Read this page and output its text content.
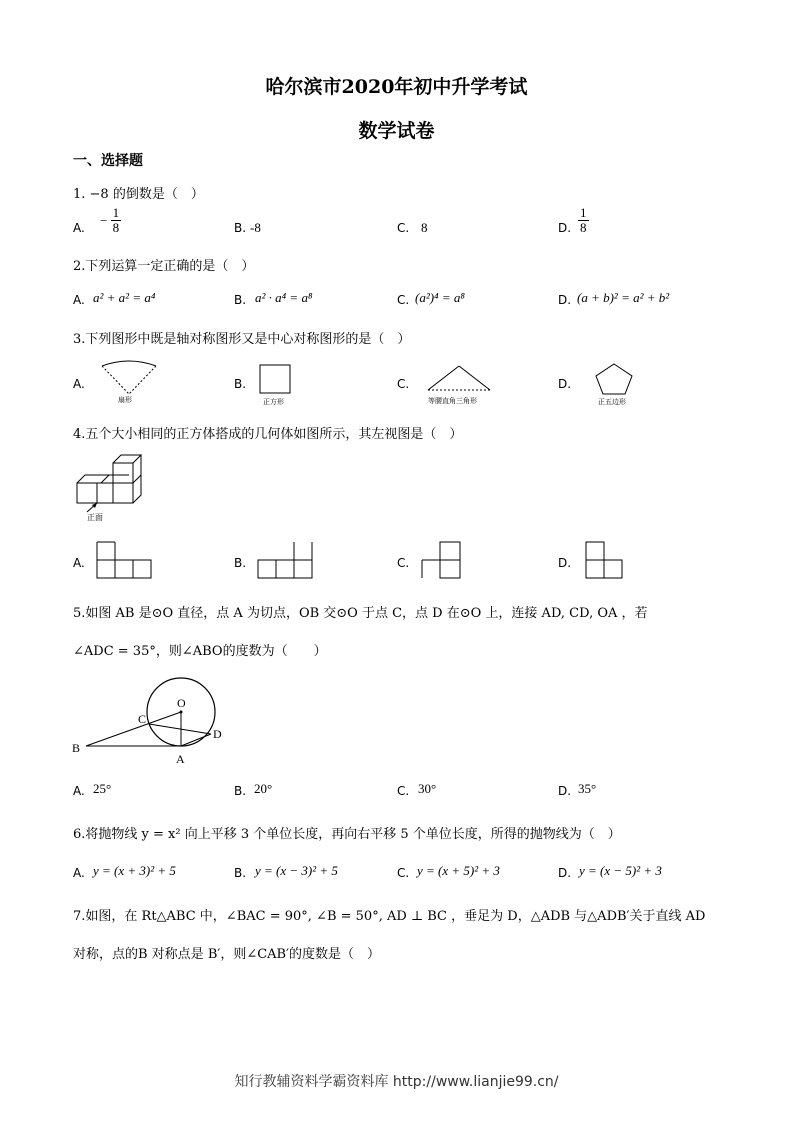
哈尔滨市2020年初中升学考试
数学试卷
一、选择题
1. −8 的倒数是（　）
A.
− $\frac{1}{8}$	B. -8	C. 8	D. $\frac{1}{8}$
2.下列运算一定正确的是（　）
A. a² + a² = a⁴	B. a² · a⁴ = a⁸	C. (a²)⁴ = a⁸	D. (a + b)² = a² + b²
3.下列图形中既是轴对称图形又是中心对称图形的是（　）
A.
扇形
B.
正方形
C.
等腰直角三角形
D.
正五边形
4.五个大小相同的正方体搭成的几何体如图所示，其左视图是（　）
正面
A.	B.	C.	D.
5.如图 AB 是⊙O 直径，点 A 为切点，OB 交⊙O 于点 C，点 D 在⊙O 上，连接 AD, CD, OA ，若
∠ADC = 35°，则∠ABO的度数为（　　）
O
C
B
A
D
A. 25°	B. 20°	C. 30°	D. 35°
6.将抛物线 y = x² 向上平移 3 个单位长度，再向右平移 5 个单位长度，所得的抛物线为（　）
A. y = (x + 3)² + 5	B. y = (x − 3)² + 5	C. y = (x + 5)² + 3	D. y = (x − 5)² + 3
7.如图，在 Rt△ABC 中，∠BAC = 90°, ∠B = 50°, AD ⊥ BC ，垂足为 D，△ADB 与△ADB′关于直线 AD
对称，点的B 对称点是 B′，则∠CAB′的度数是（　）
知行教辅资料学霸资料库 http://www.lianjie99.cn/
